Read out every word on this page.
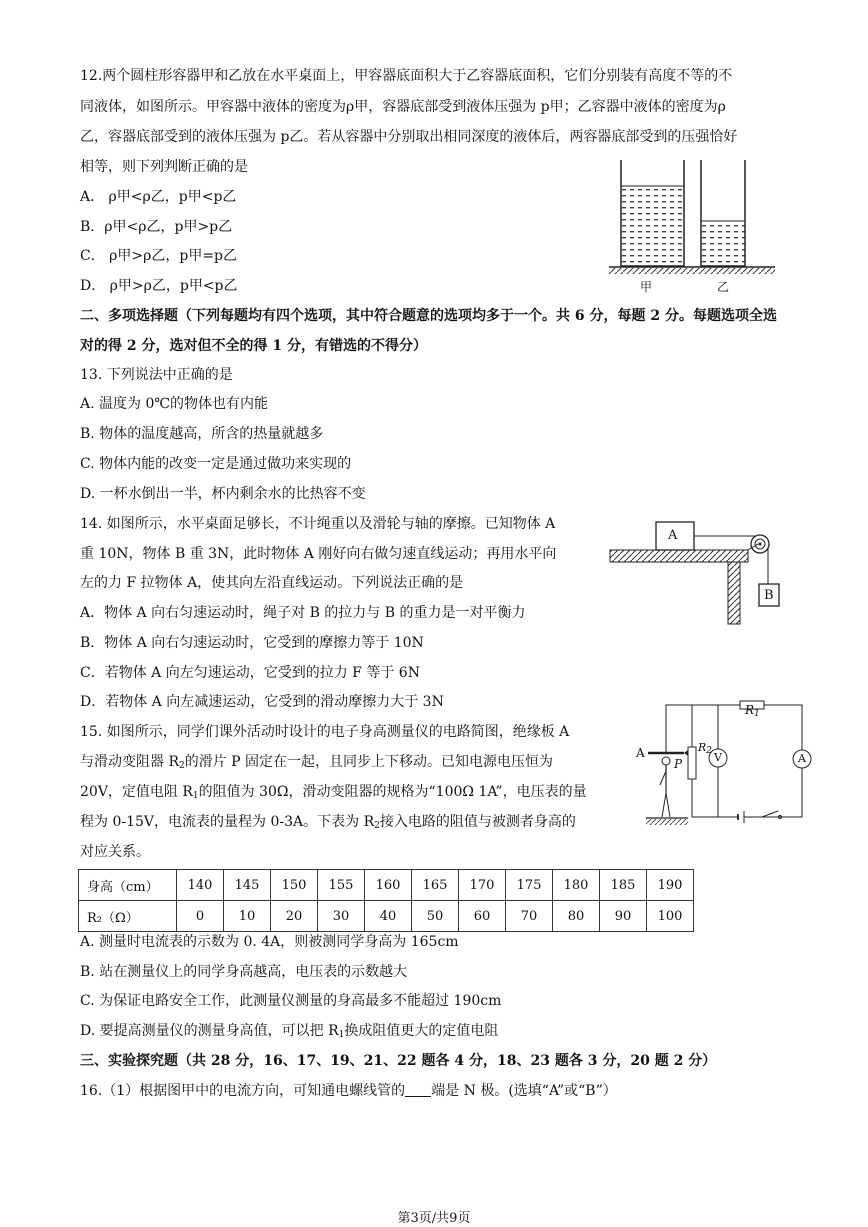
12.两个圆柱形容器甲和乙放在水平桌面上，甲容器底面积大于乙容器底面积，它们分别装有高度不等的不
同液体，如图所示。甲容器中液体的密度为ρ甲，容器底部受到液体压强为 p甲；乙容器中液体的密度为ρ
乙，容器底部受到的液体压强为 p乙。若从容器中分别取出相同深度的液体后，两容器底部受到的压强恰好
相等，则下列判断正确的是
A． ρ甲<ρ乙，p甲<p乙
B．ρ甲<ρ乙，p甲>p乙
C． ρ甲>ρ乙，p甲=p乙
D． ρ甲>ρ乙，p甲<p乙	甲	乙
二、多项选择题（下列每题均有四个选项，其中符合题意的选项均多于一个。共 6 分，每题 2 分。每题选项全选
对的得 2 分，选对但不全的得 1 分，有错选的不得分）
13. 下列说法中正确的是
A. 温度为 0℃的物体也有内能
B. 物体的温度越高，所含的热量就越多
C. 物体内能的改变一定是通过做功来实现的
D. 一杯水倒出一半，杯内剩余水的比热容不变
14. 如图所示，水平桌面足够长，不计绳重以及滑轮与轴的摩擦。已知物体 A
重 10N，物体 B 重 3N，此时物体 A 刚好向右做匀速直线运动；再用水平向
左的力 F 拉物体 A，使其向左沿直线运动。下列说法正确的是
A．物体 A 向右匀速运动时，绳子对 B 的拉力与 B 的重力是一对平衡力
B．物体 A 向右匀速运动时，它受到的摩擦力等于 10N
C．若物体 A 向左匀速运动，它受到的拉力 F 等于 6N
D．若物体 A 向左减速运动，它受到的滑动摩擦力大于 3N
A
B
15. 如图所示，同学们课外活动时设计的电子身高测量仪的电路简图，绝缘板 A
与滑动变阻器 $R_2$的滑片 P 固定在一起，且同步上下移动。已知电源电压恒为
20V，定值电阻 $R_1$的阻值为 30Ω，滑动变阻器的规格为“100Ω 1A”，电压表的量
程为 0-15V，电流表的量程为 0-3A。下表为 $R_2$接入电路的阻值与被测者身高的
对应关系。
$R_1$
$R_2$ V	A
A
P
身高（cm）	140	145	150	155	160	165	170	175	180	185	190
R₂（Ω）	0	10	20	30	40	50	60	70	80	90	100
A. 测量时电流表的示数为 0. 4A，则被测同学身高为 165cm
B. 站在测量仪上的同学身高越高，电压表的示数越大
C. 为保证电路安全工作，此测量仪测量的身高最多不能超过 190cm
D. 要提高测量仪的测量身高值，可以把 $R_1$换成阻值更大的定值电阻
三、实验探究题（共 28 分，16、17、19、21、22 题各 4 分，18、23 题各 3 分，20 题 2 分）
16.（1）根据图甲中的电流方向，可知通电螺线管的 端是 N 极。(选填“A”或“B”）
第3页/共9页
